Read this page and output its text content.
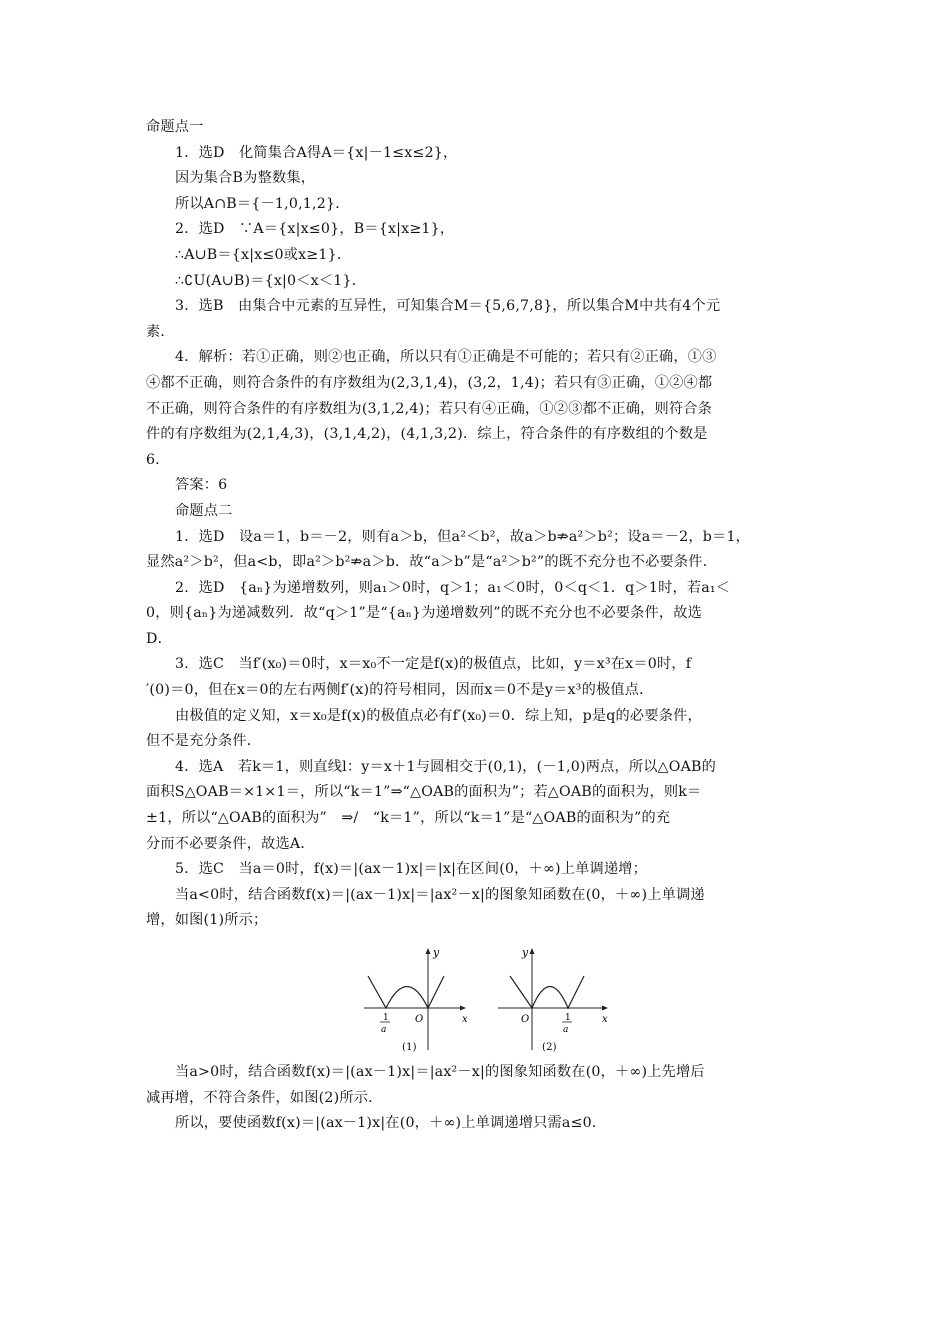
命题点一

1．选D　化简集合A得A＝{x|－1≤x≤2}，

因为集合B为整数集，

所以A∩B＝{－1,0,1,2}．

2．选D　∵A＝{x|x≤0}，B＝{x|x≥1}，

∴A∪B＝{x|x≤0或x≥1}．

∴∁U(A∪B)＝{x|0＜x＜1}．

3．选B　由集合中元素的互异性，可知集合M＝{5,6,7,8}，所以集合M中共有4个元

素．

4．解析：若①正确，则②也正确，所以只有①正确是不可能的；若只有②正确，①③

④都不正确，则符合条件的有序数组为(2,3,1,4)，(3,2，1,4)；若只有③正确，①②④都

不正确，则符合条件的有序数组为(3,1,2,4)；若只有④正确，①②③都不正确，则符合条

件的有序数组为(2,1,4,3)，(3,1,4,2)，(4,1,3,2)．综上，符合条件的有序数组的个数是

6．

答案：6

命题点二

1．选D　设a＝1，b＝－2，则有a＞b，但a²＜b²，故a＞b⇏a²＞b²；设a＝－2，b＝1，

显然a²＞b²，但a<b，即a²＞b²⇏a＞b．故“a＞b”是“a²＞b²”的既不充分也不必要条件．

2．选D　{aₙ}为递增数列，则a₁＞0时，q＞1；a₁＜0时，0＜q＜1．q＞1时，若a₁＜

0，则{aₙ}为递减数列．故“q＞1”是“{aₙ}为递增数列”的既不充分也不必要条件，故选

D．

3．选C　当f′(x₀)＝0时，x＝x₀不一定是f(x)的极值点，比如，y＝x³在x＝0时，f

′(0)＝0，但在x＝0的左右两侧f′(x)的符号相同，因而x＝0不是y＝x³的极值点．

由极值的定义知，x＝x₀是f(x)的极值点必有f′(x₀)＝0．综上知，p是q的必要条件，

但不是充分条件．

4．选A　若k＝1，则直线l：y＝x＋1与圆相交于(0,1)，(－1,0)两点，所以△OAB的

面积S△OAB＝×1×1＝，所以“k＝1”⇒“△OAB的面积为”；若△OAB的面积为，则k＝

±1，所以“△OAB的面积为”　⇒/　“k＝1”，所以“k＝1”是“△OAB的面积为”的充

分而不必要条件，故选A．

5．选C　当a＝0时，f(x)＝|(ax－1)x|＝|x|在区间(0，＋∞)上单调递增；

当a<0时，结合函数f(x)＝|(ax－1)x|＝|ax²－x|的图象知函数在(0，＋∞)上单调递

增，如图(1)所示；

y
x
O
1
a
(1)
y
x
O	1
a
(2)

当a>0时，结合函数f(x)＝|(ax－1)x|＝|ax²－x|的图象知函数在(0，＋∞)上先增后

减再增，不符合条件，如图(2)所示．

所以，要使函数f(x)＝|(ax－1)x|在(0，＋∞)上单调递增只需a≤0．
